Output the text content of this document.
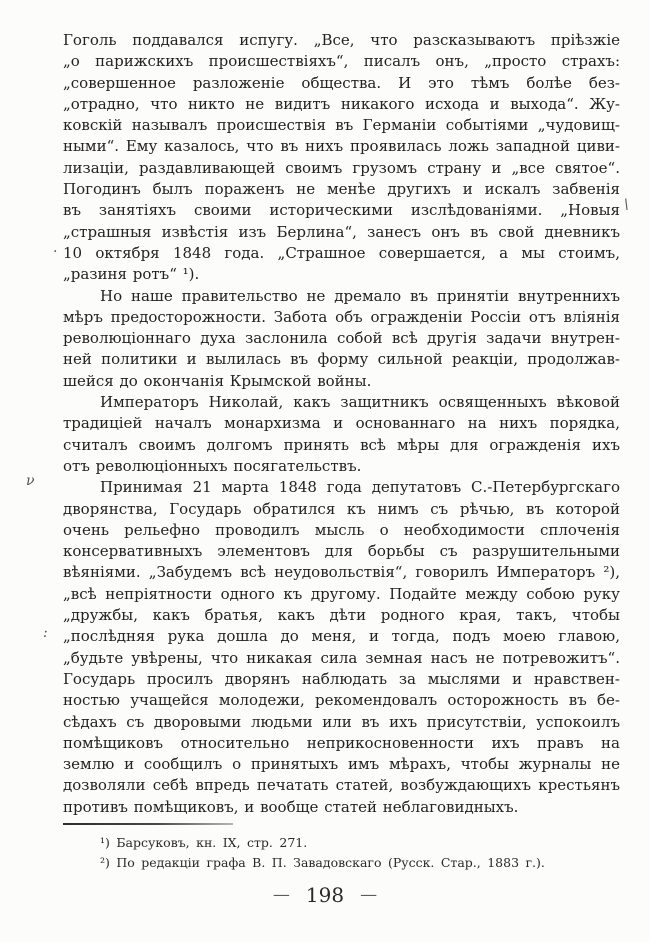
Гоголь поддавался испугу. „Все, что разсказываютъ пріѣзжіе
„о парижскихъ происшествіяхъ“, писалъ онъ, „просто страхъ:
„совершенное разложеніе общества. И это тѣмъ болѣе без-
„отрадно, что никто не видитъ никакого исхода и выхода“. Жу-
ковскій называлъ происшествія въ Германіи событіями „чудовищ-
ными“. Ему казалось, что въ нихъ проявилась ложь западной циви-
лизаціи, раздавливающей своимъ грузомъ страну и „все святое“.
Погодинъ былъ пораженъ не менѣе другихъ и искалъ забвенія
въ занятіяхъ своими историческими изслѣдованіями. „Новыя
„страшныя извѣстія изъ Берлина“, занесъ онъ въ свой дневникъ
10 октября 1848 года. „Страшное совершается, а мы стоимъ,
„разиня ротъ“ ¹).
Но наше правительство не дремало въ принятіи внутреннихъ
мѣръ предосторожности. Забота объ огражденіи Россіи отъ вліянія
революціоннаго духа заслонила собой всѣ другія задачи внутрен-
ней политики и вылилась въ форму сильной реакціи, продолжав-
шейся до окончанія Крымской войны.
Императоръ Николай, какъ защитникъ освященныхъ вѣковой
традиціей началъ монархизма и основаннаго на нихъ порядка,
считалъ своимъ долгомъ принять всѣ мѣры для огражденія ихъ
отъ революціонныхъ посягательствъ.
Принимая 21 марта 1848 года депутатовъ С.-Петербургскаго
дворянства, Государь обратился къ нимъ съ рѣчью, въ которой
очень рельефно проводилъ мысль о необходимости сплоченія
консервативныхъ элементовъ для борьбы съ разрушительными
вѣяніями. „Забудемъ всѣ неудовольствія“, говорилъ Императоръ ²),
„всѣ непріятности одного къ другому. Подайте между собою руку
„дружбы, какъ братья, какъ дѣти родного края, такъ, чтобы
„послѣдняя рука дошла до меня, и тогда, подъ моею главою,
„будьте увѣрены, что никакая сила земная насъ не потревожитъ“.
Государь просилъ дворянъ наблюдать за мыслями и нравствен-
ностью учащейся молодежи, рекомендовалъ осторожность въ бе-
сѣдахъ съ дворовыми людьми или въ ихъ присутствіи, успокоилъ
помѣщиковъ относительно неприкосновенности ихъ правъ на
землю и сообщилъ о принятыхъ имъ мѣрахъ, чтобы журналы не
дозволяли себѣ впредь печатать статей, возбуждающихъ крестьянъ
противъ помѣщиковъ, и вообще статей неблаговидныхъ.
¹) Барсуковъ, кн. IX, стр. 271.
²) По редакціи графа В. П. Завадовскаго (Русск. Стар., 1883 г.).
— 198 —
\
·
ν
:
